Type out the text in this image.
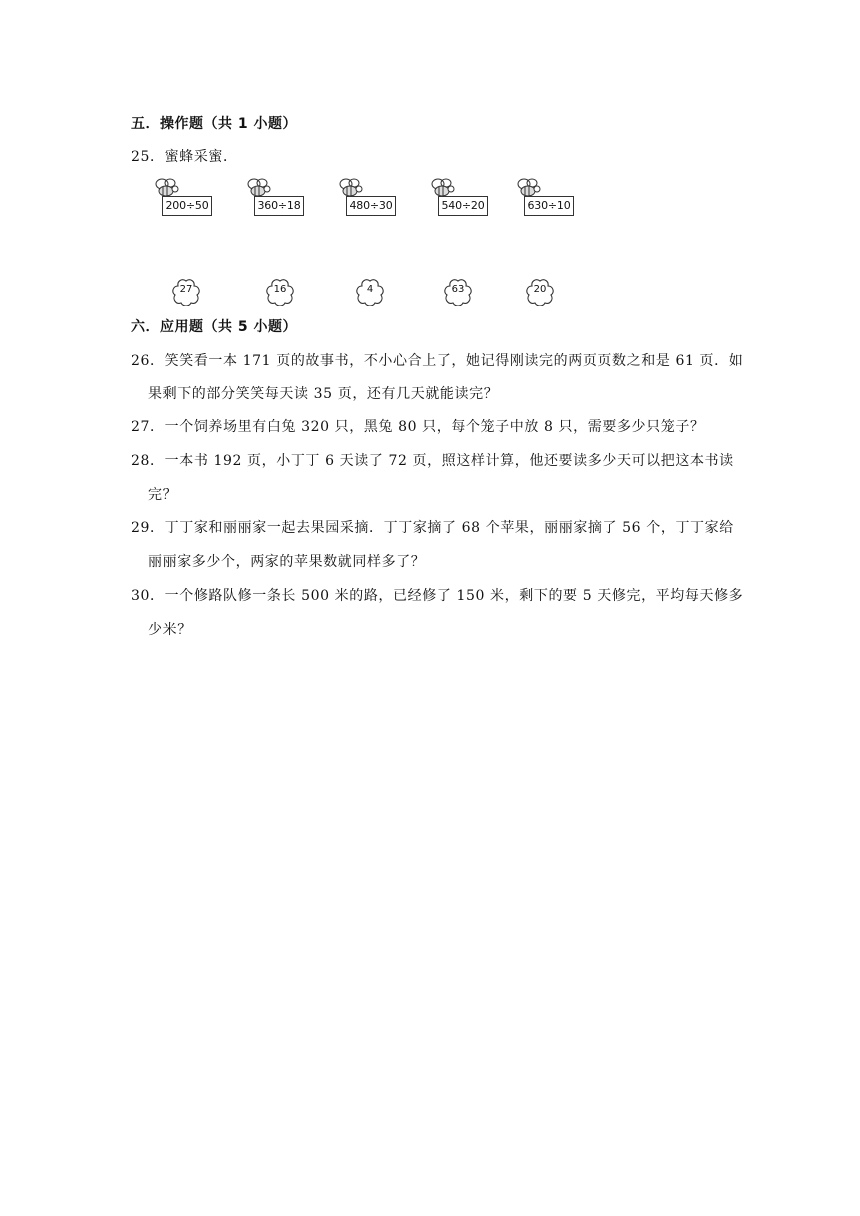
五．操作题（共 1 小题）
25．蜜蜂采蜜．
200÷50	360÷18	480÷30	540÷20	630÷10
27	16	4	63	20
六．应用题（共 5 小题）
26．笑笑看一本 171 页的故事书，不小心合上了，她记得刚读完的两页页数之和是 61 页．如
果剩下的部分笑笑每天读 35 页，还有几天就能读完？
27．一个饲养场里有白兔 320 只，黑兔 80 只，每个笼子中放 8 只，需要多少只笼子？
28．一本书 192 页，小丁丁 6 天读了 72 页，照这样计算，他还要读多少天可以把这本书读
完？
29．丁丁家和丽丽家一起去果园采摘．丁丁家摘了 68 个苹果，丽丽家摘了 56 个，丁丁家给
丽丽家多少个，两家的苹果数就同样多了？
30．一个修路队修一条长 500 米的路，已经修了 150 米，剩下的要 5 天修完，平均每天修多
少米？
